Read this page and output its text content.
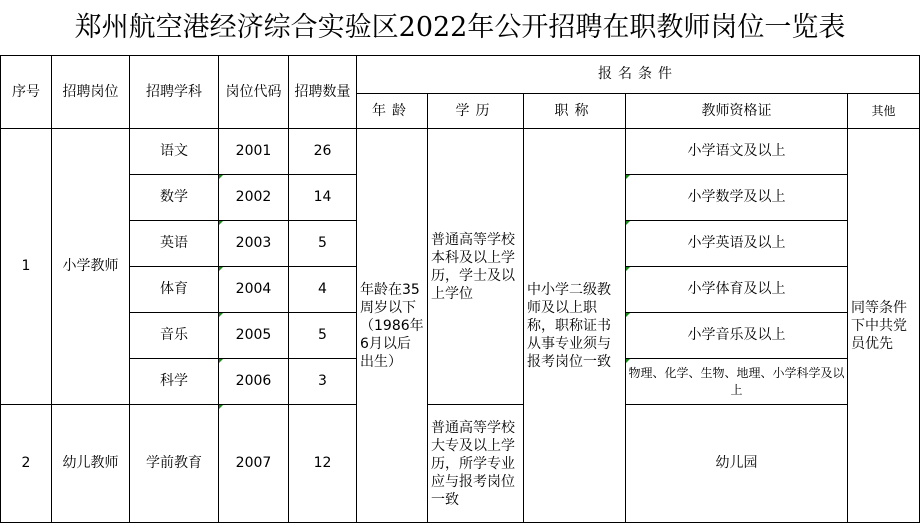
郑州航空港经济综合实验区2022年公开招聘在职教师岗位一览表
序号	招聘岗位	招聘学科	岗位代码	招聘数量	报名条件				
					年龄	学历	职称	教师资格证	其他
1	小学教师	语文	2001	26	年龄在35周岁以下（1986年6月以后出生）	普通高等学校本科及以上学历，学士及以上学位	中小学二级教师及以上职称，职称证书从事专业须与报考岗位一致	小学语文及以上	同等条件下中共党员优先
		数学	2002	14				小学数学及以上	
		英语	2003	5				小学英语及以上	
		体育	2004	4				小学体育及以上	
		音乐	2005	5				小学音乐及以上	
		科学	2006	3				物理、化学、生物、地理、小学科学及以上	
2	幼儿教师	学前教育	2007	12		普通高等学校大专及以上学历，所学专业应与报考岗位一致		幼儿园	
